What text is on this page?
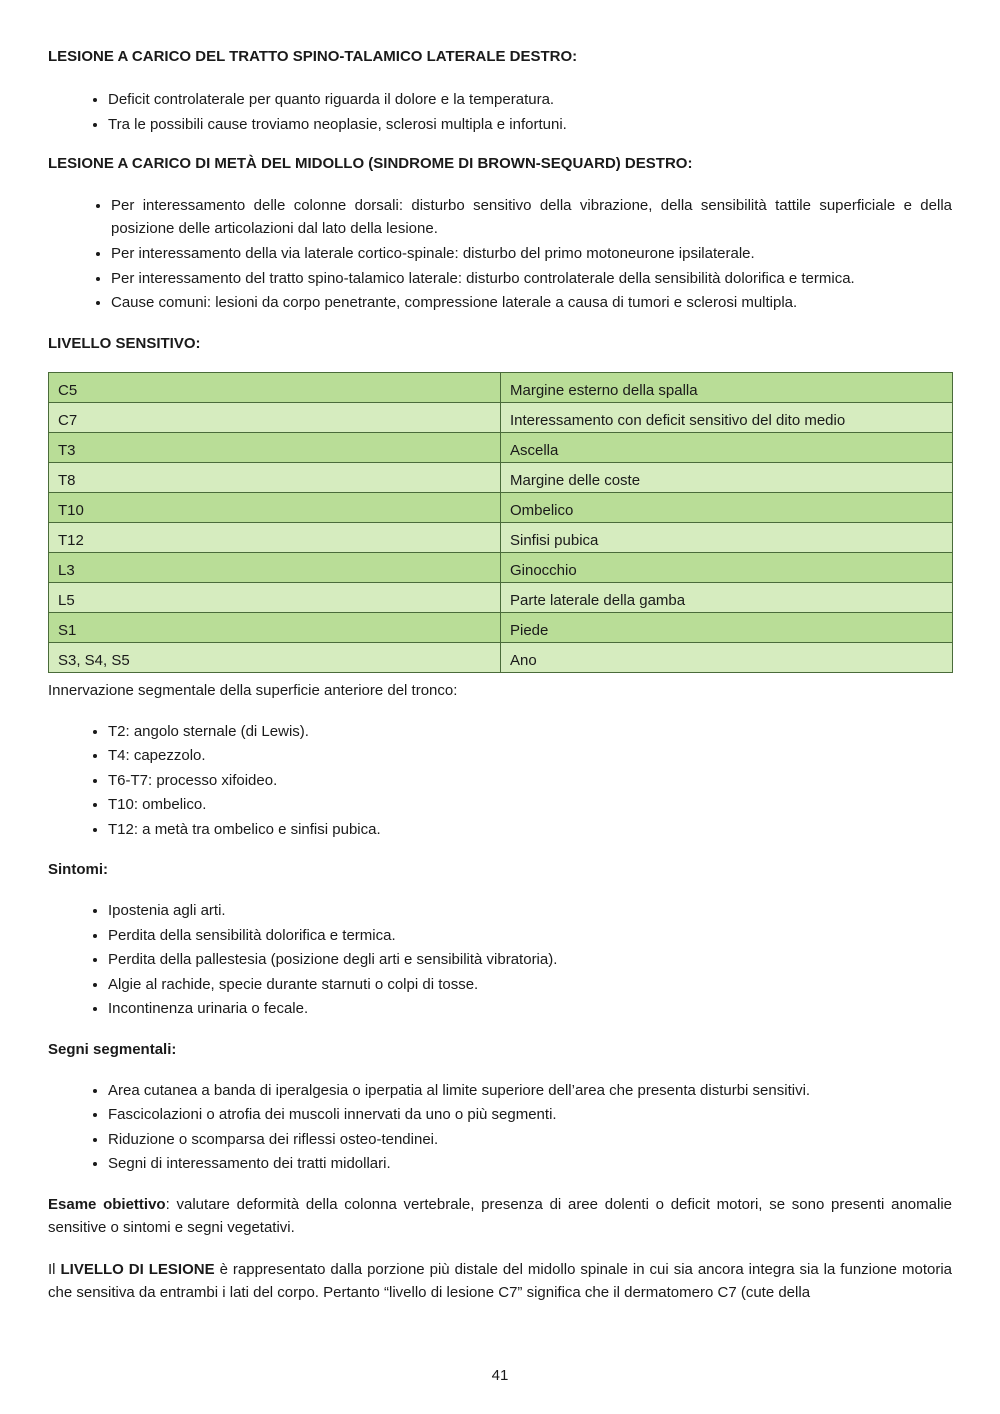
LESIONE A CARICO DEL TRATTO SPINO-TALAMICO LATERALE DESTRO:
• Deficit controlaterale per quanto riguarda il dolore e la temperatura.
• Tra le possibili cause troviamo neoplasie, sclerosi multipla e infortuni.
LESIONE A CARICO DI METÀ DEL MIDOLLO (SINDROME DI BROWN-SEQUARD) DESTRO:
• Per interessamento delle colonne dorsali: disturbo sensitivo della vibrazione, della sensibilità tattile superficiale e della posizione delle articolazioni dal lato della lesione.
• Per interessamento della via laterale cortico-spinale: disturbo del primo motoneurone ipsilaterale.
• Per interessamento del tratto spino-talamico laterale: disturbo controlaterale della sensibilità dolorifica e termica.
• Cause comuni: lesioni da corpo penetrante, compressione laterale a causa di tumori e sclerosi multipla.
LIVELLO SENSITIVO:
C5	Margine esterno della spalla
C7	Interessamento con deficit sensitivo del dito medio
T3	Ascella
T8	Margine delle coste
T10	Ombelico
T12	Sinfisi pubica
L3	Ginocchio
L5	Parte laterale della gamba
S1	Piede
S3, S4, S5	Ano

Innervazione segmentale della superficie anteriore del tronco:

• T2: angolo sternale (di Lewis).
• T4: capezzolo.
• T6-T7: processo xifoideo.
• T10: ombelico.
• T12: a metà tra ombelico e sinfisi pubica.
Sintomi:
• Ipostenia agli arti.
• Perdita della sensibilità dolorifica e termica.
• Perdita della pallestesia (posizione degli arti e sensibilità vibratoria).
• Algie al rachide, specie durante starnuti o colpi di tosse.
• Incontinenza urinaria o fecale.
Segni segmentali:
• Area cutanea a banda di iperalgesia o iperpatia al limite superiore dell’area che presenta disturbi sensitivi.
• Fascicolazioni o atrofia dei muscoli innervati da uno o più segmenti.
• Riduzione o scomparsa dei riflessi osteo-tendinei.
• Segni di interessamento dei tratti midollari.

Esame obiettivo: valutare deformità della colonna vertebrale, presenza di aree dolenti o deficit motori, se sono presenti anomalie sensitive o sintomi e segni vegetativi.

Il LIVELLO DI LESIONE è rappresentato dalla porzione più distale del midollo spinale in cui sia ancora integra sia la funzione motoria che sensitiva da entrambi i lati del corpo. Pertanto “livello di lesione C7” significa che il dermatomero C7 (cute della

41
